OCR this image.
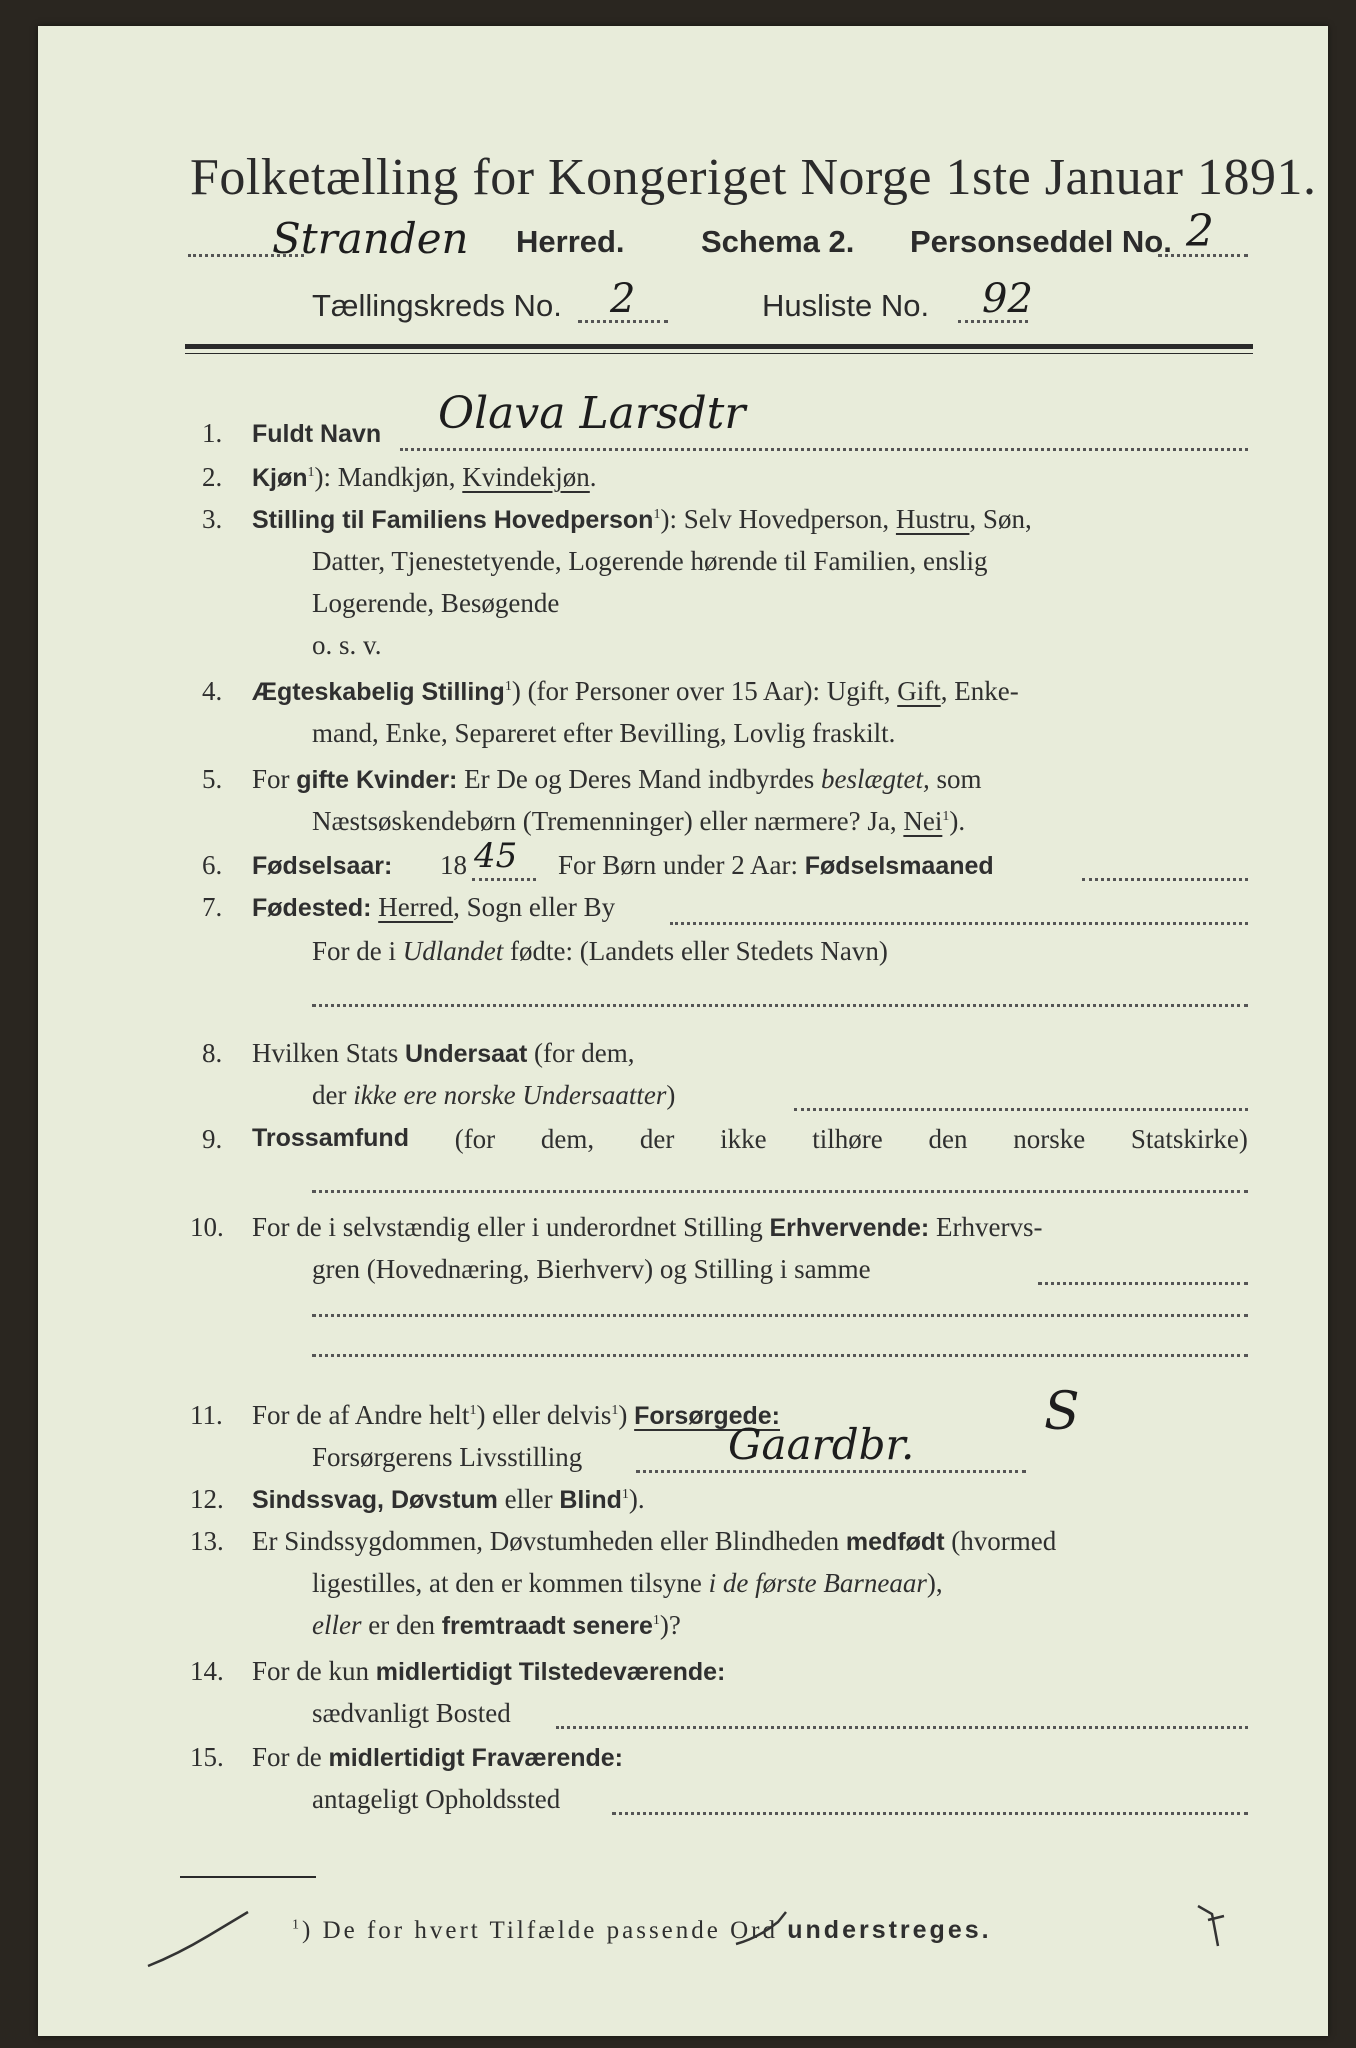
Folketælling for Kongeriget Norge 1ste Januar 1891.
Stranden Herred. Schema 2. Personseddel No. 2
Tællingskreds No. 2	Husliste No. 92
1. Fuldt Navn Olava Larsdtr
2. Kjøn$^1$): Mandkjøn, Kvindekjøn.
3. Stilling til Familiens Hovedperson$^1$): Selv Hovedperson, Hustru, Søn,
Datter, Tjenestetyende, Logerende hørende til Familien, enslig
Logerende, Besøgende
o. s. v.
4. Ægteskabelig Stilling$^1$) (for Personer over 15 Aar): Ugift, Gift, Enke-
mand, Enke, Separeret efter Bevilling, Lovlig fraskilt.
5. For gifte Kvinder: Er De og Deres Mand indbyrdes beslægtet, som
Næstsøskendebørn (Tremenninger) eller nærmere? Ja, Nei$^1$).
6. Fødselsaar: 18 45 For Børn under 2 Aar: Fødselsmaaned
7. Fødested: Herred, Sogn eller By
For de i Udlandet fødte: (Landets eller Stedets Navn)
8. Hvilken Stats Undersaat (for dem,
der ikke ere norske Undersaatter)
9. Trossamfund (for dem, der ikke tilhøre den norske Statskirke)
10. For de i selvstændig eller i underordnet Stilling Erhvervende: Erhvervs-
gren (Hovednæring, Bierhverv) og Stilling i samme
11. For de af Andre helt$^1$) eller delvis$^1$) Forsørgede:	S
Forsørgerens Livsstilling	Gaardbr.
12. Sindssvag, Døvstum eller Blind$^1$).
13. Er Sindssygdommen, Døvstumheden eller Blindheden medfødt (hvormed
ligestilles, at den er kommen tilsyne i de første Barneaar),
eller er den fremtraadt senere$^1$)?
14. For de kun midlertidigt Tilstedeværende:
sædvanligt Bosted
15. For de midlertidigt Fraværende:
antageligt Opholdssted
$^1$) De for hvert Tilfælde passende Ord understreges.
